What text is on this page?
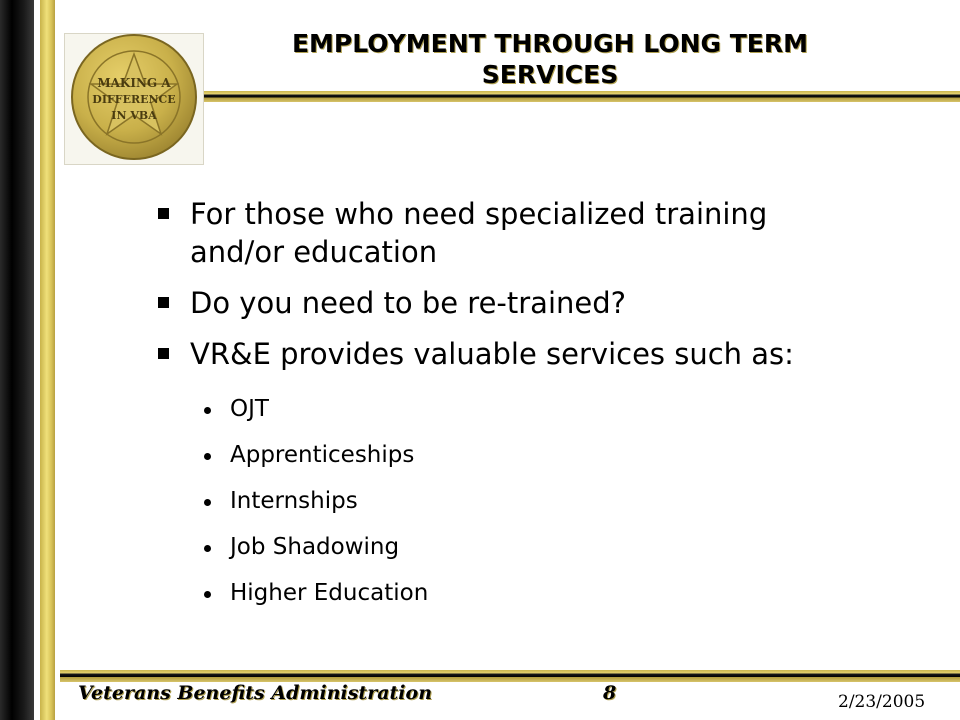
MAKING A
DIFFERENCE
IN VBA
EMPLOYMENT THROUGH LONG TERM
SERVICES
For those who need specialized training
and/or education
Do you need to be re-trained?
VR&E provides valuable services such as:
OJT
Apprenticeships
Internships
Job Shadowing
Higher Education
Veterans Benefits Administration	8	2/23/2005
